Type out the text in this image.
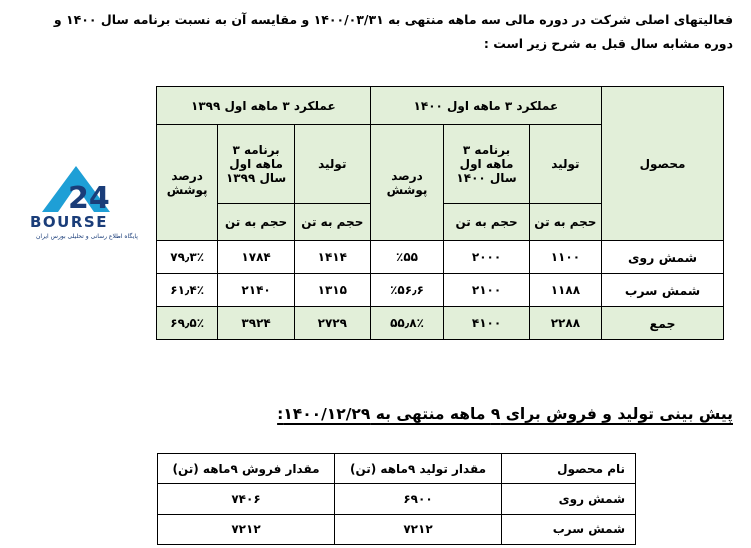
فعالیتهای اصلی شرکت در دوره مالی سه ماهه منتهی به ۱۴۰۰/۰۳/۳۱ و مقایسه آن به نسبت برنامه سال ۱۴۰۰ و
دوره مشابه سال قبل به شرح زیر است :
24
BOURSE
پایگاه اطلاع رسانی و تحلیلی بورس ایران
محصول	عملکرد ۳ ماهه اول ۱۴۰۰			عملکرد ۳ ماهه اول ۱۳۹۹		
	تولید	برنامه ۳ ماهه اول سال ۱۴۰۰	درصد پوشش	تولید	برنامه ۳ ماهه اول سال ۱۳۹۹	درصد پوشش
	حجم به تن	حجم به تن		حجم به تن	حجم به تن	
شمش روی	۱۱۰۰	۲۰۰۰	٪۵۵	۱۴۱۴	۱۷۸۴	۷۹٫۳٪
شمش سرب	۱۱۸۸	۲۱۰۰	٪۵۶٫۶	۱۳۱۵	۲۱۴۰	۶۱٫۴٪
جمع	۲۲۸۸	۴۱۰۰	۵۵٫۸٪	۲۷۲۹	۳۹۲۴	۶۹٫۵٪
پیش بینی تولید و فروش برای ۹ ماهه منتهی به ۱۴۰۰/۱۲/۲۹:
نام محصول	مقدار تولید ۹ماهه (تن)	مقدار فروش ۹ماهه (تن)
شمش روی	۶۹۰۰	۷۴۰۶
شمش سرب	۷۲۱۲	۷۲۱۲
